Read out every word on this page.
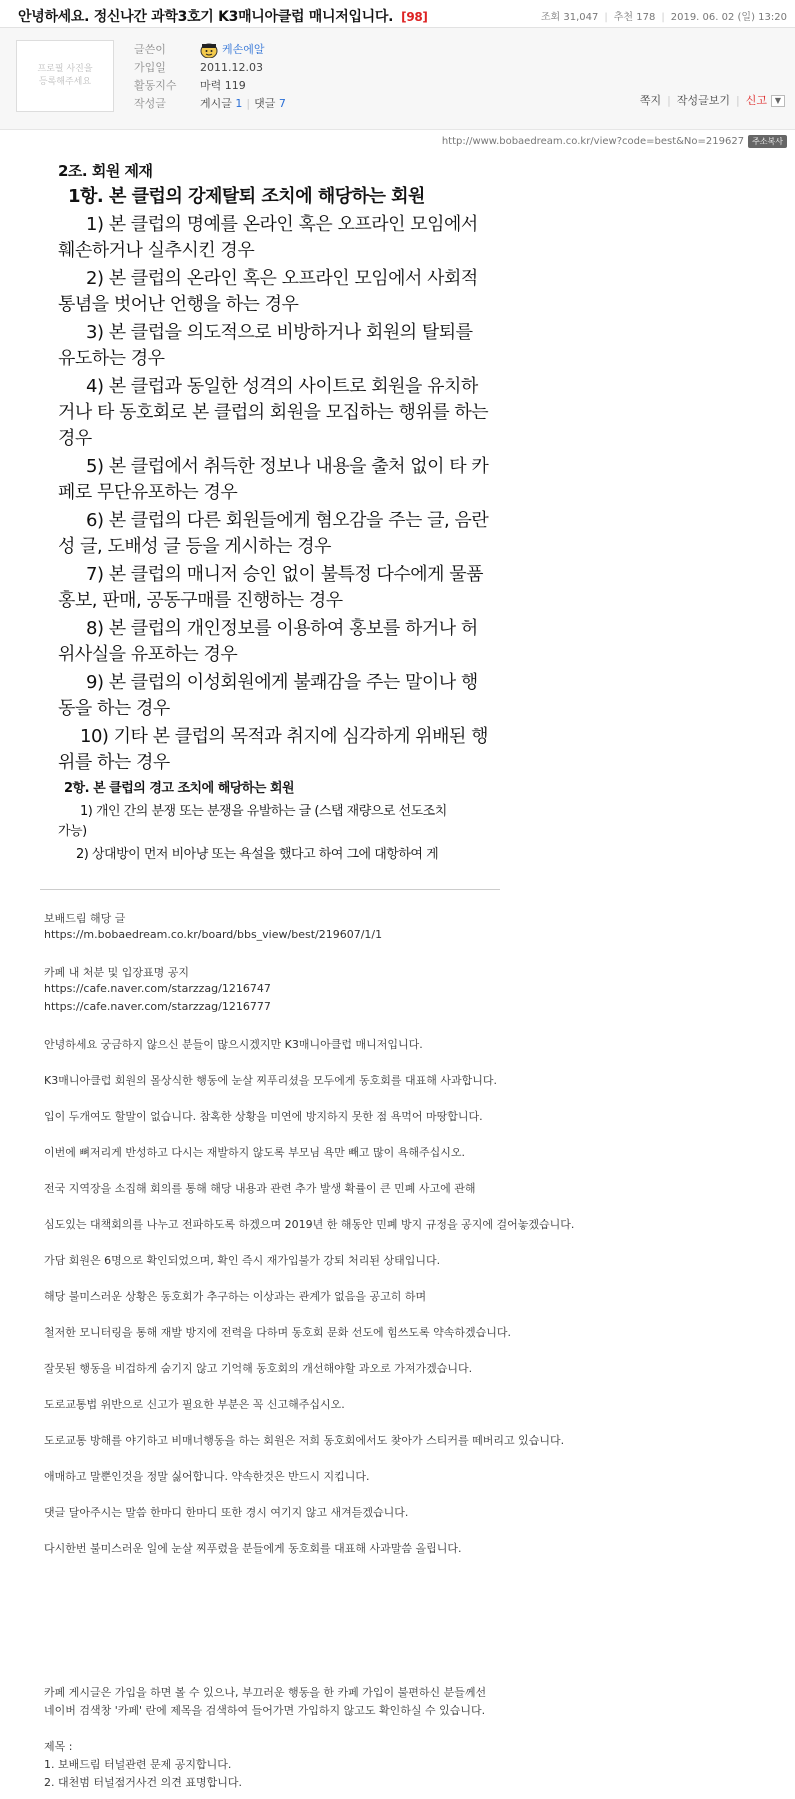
안녕하세요. 정신나간 과학3호기 K3매니아클럽 매니저입니다. [98]	조회 31,047 | 추천 178 | 2019. 06. 02 (일) 13:20
프로필 사진을
등록해주세요
글쓴이	케손에알
가입일	2011.12.03
활동지수 마력 119
작성글	게시글 1 | 댓글 7	쪽지 | 작성글보기 | 신고 ▼
http://www.bobaedream.co.kr/view?code=best&No=219627 주소복사
2조. 회원 제재
1항. 본 클럽의 강제탈퇴 조치에 해당하는 회원
1) 본 클럽의 명예를 온라인 혹은 오프라인 모임에서
훼손하거나 실추시킨 경우
2) 본 클럽의 온라인 혹은 오프라인 모임에서 사회적
통념을 벗어난 언행을 하는 경우
3) 본 클럽을 의도적으로 비방하거나 회원의 탈퇴를
유도하는 경우
4) 본 클럽과 동일한 성격의 사이트로 회원을 유치하
거나 타 동호회로 본 클럽의 회원을 모집하는 행위를 하는
경우
5) 본 클럽에서 취득한 정보나 내용을 출처 없이 타 카
페로 무단유포하는 경우
6) 본 클럽의 다른 회원들에게 혐오감을 주는 글, 음란
성 글, 도배성 글 등을 게시하는 경우
7) 본 클럽의 매니저 승인 없이 불특정 다수에게 물품
홍보, 판매, 공동구매를 진행하는 경우
8) 본 클럽의 개인정보를 이용하여 홍보를 하거나 허
위사실을 유포하는 경우
9) 본 클럽의 이성회원에게 불쾌감을 주는 말이나 행
동을 하는 경우
10) 기타 본 클럽의 목적과 취지에 심각하게 위배된 행
위를 하는 경우
2항. 본 클럽의 경고 조치에 해당하는 회원
1) 개인 간의 분쟁 또는 분쟁을 유발하는 글 (스탭 재량으로 선도조치
가능)
2) 상대방이 먼저 비아냥 또는 욕설을 했다고 하여 그에 대항하여 게
보배드림 해당 글
https://m.bobaedream.co.kr/board/bbs_view/best/219607/1/1
카페 내 처분 및 입장표명 공지
https://cafe.naver.com/starzzag/1216747
https://cafe.naver.com/starzzag/1216777
안녕하세요 궁금하지 않으신 분들이 많으시겠지만 K3매니아클럽 매니저입니다.
K3매니아클럽 회원의 몰상식한 행동에 눈살 찌푸리셨을 모두에게 동호회를 대표해 사과합니다.
입이 두개여도 할말이 없습니다. 참혹한 상황을 미연에 방지하지 못한 점 욕먹어 마땅합니다.
이번에 뼈저리게 반성하고 다시는 재발하지 않도록 부모님 욕만 빼고 많이 욕해주십시오.
전국 지역장을 소집해 회의를 통해 해당 내용과 관련 추가 발생 확률이 큰 민폐 사고에 관해
심도있는 대책회의를 나누고 전파하도록 하겠으며 2019년 한 해동안 민폐 방지 규정을 공지에 걸어놓겠습니다.
가담 회원은 6명으로 확인되었으며, 확인 즉시 재가입불가 강퇴 처리된 상태입니다.
해당 불미스러운 상황은 동호회가 추구하는 이상과는 관계가 없음을 공고히 하며
철저한 모니터링을 통해 재발 방지에 전력을 다하며 동호회 문화 선도에 힘쓰도록 약속하겠습니다.
잘못된 행동을 비겁하게 숨기지 않고 기억해 동호회의 개선해야할 과오로 가져가겠습니다.
도로교통법 위반으로 신고가 필요한 부분은 꼭 신고해주십시오.
도로교통 방해를 야기하고 비매너행동을 하는 회원은 저희 동호회에서도 찾아가 스티커를 떼버리고 있습니다.
애매하고 말뿐인것을 정말 싫어합니다. 약속한것은 반드시 지킵니다.
댓글 달아주시는 말씀 한마디 한마디 또한 경시 여기지 않고 새겨듣겠습니다.
다시한번 불미스러운 일에 눈살 찌푸렸을 분들에게 동호회를 대표해 사과말씀 올립니다.
카페 게시글은 가입을 하면 볼 수 있으나, 부끄러운 행동을 한 카페 가입이 불편하신 분들께선
네이버 검색창 '카페' 란에 제목을 검색하여 들어가면 가입하지 않고도 확인하실 수 있습니다.
제목 :
1. 보배드림 터널관련 문제 공지합니다.
2. 대천범 터널점거사건 의견 표명합니다.
